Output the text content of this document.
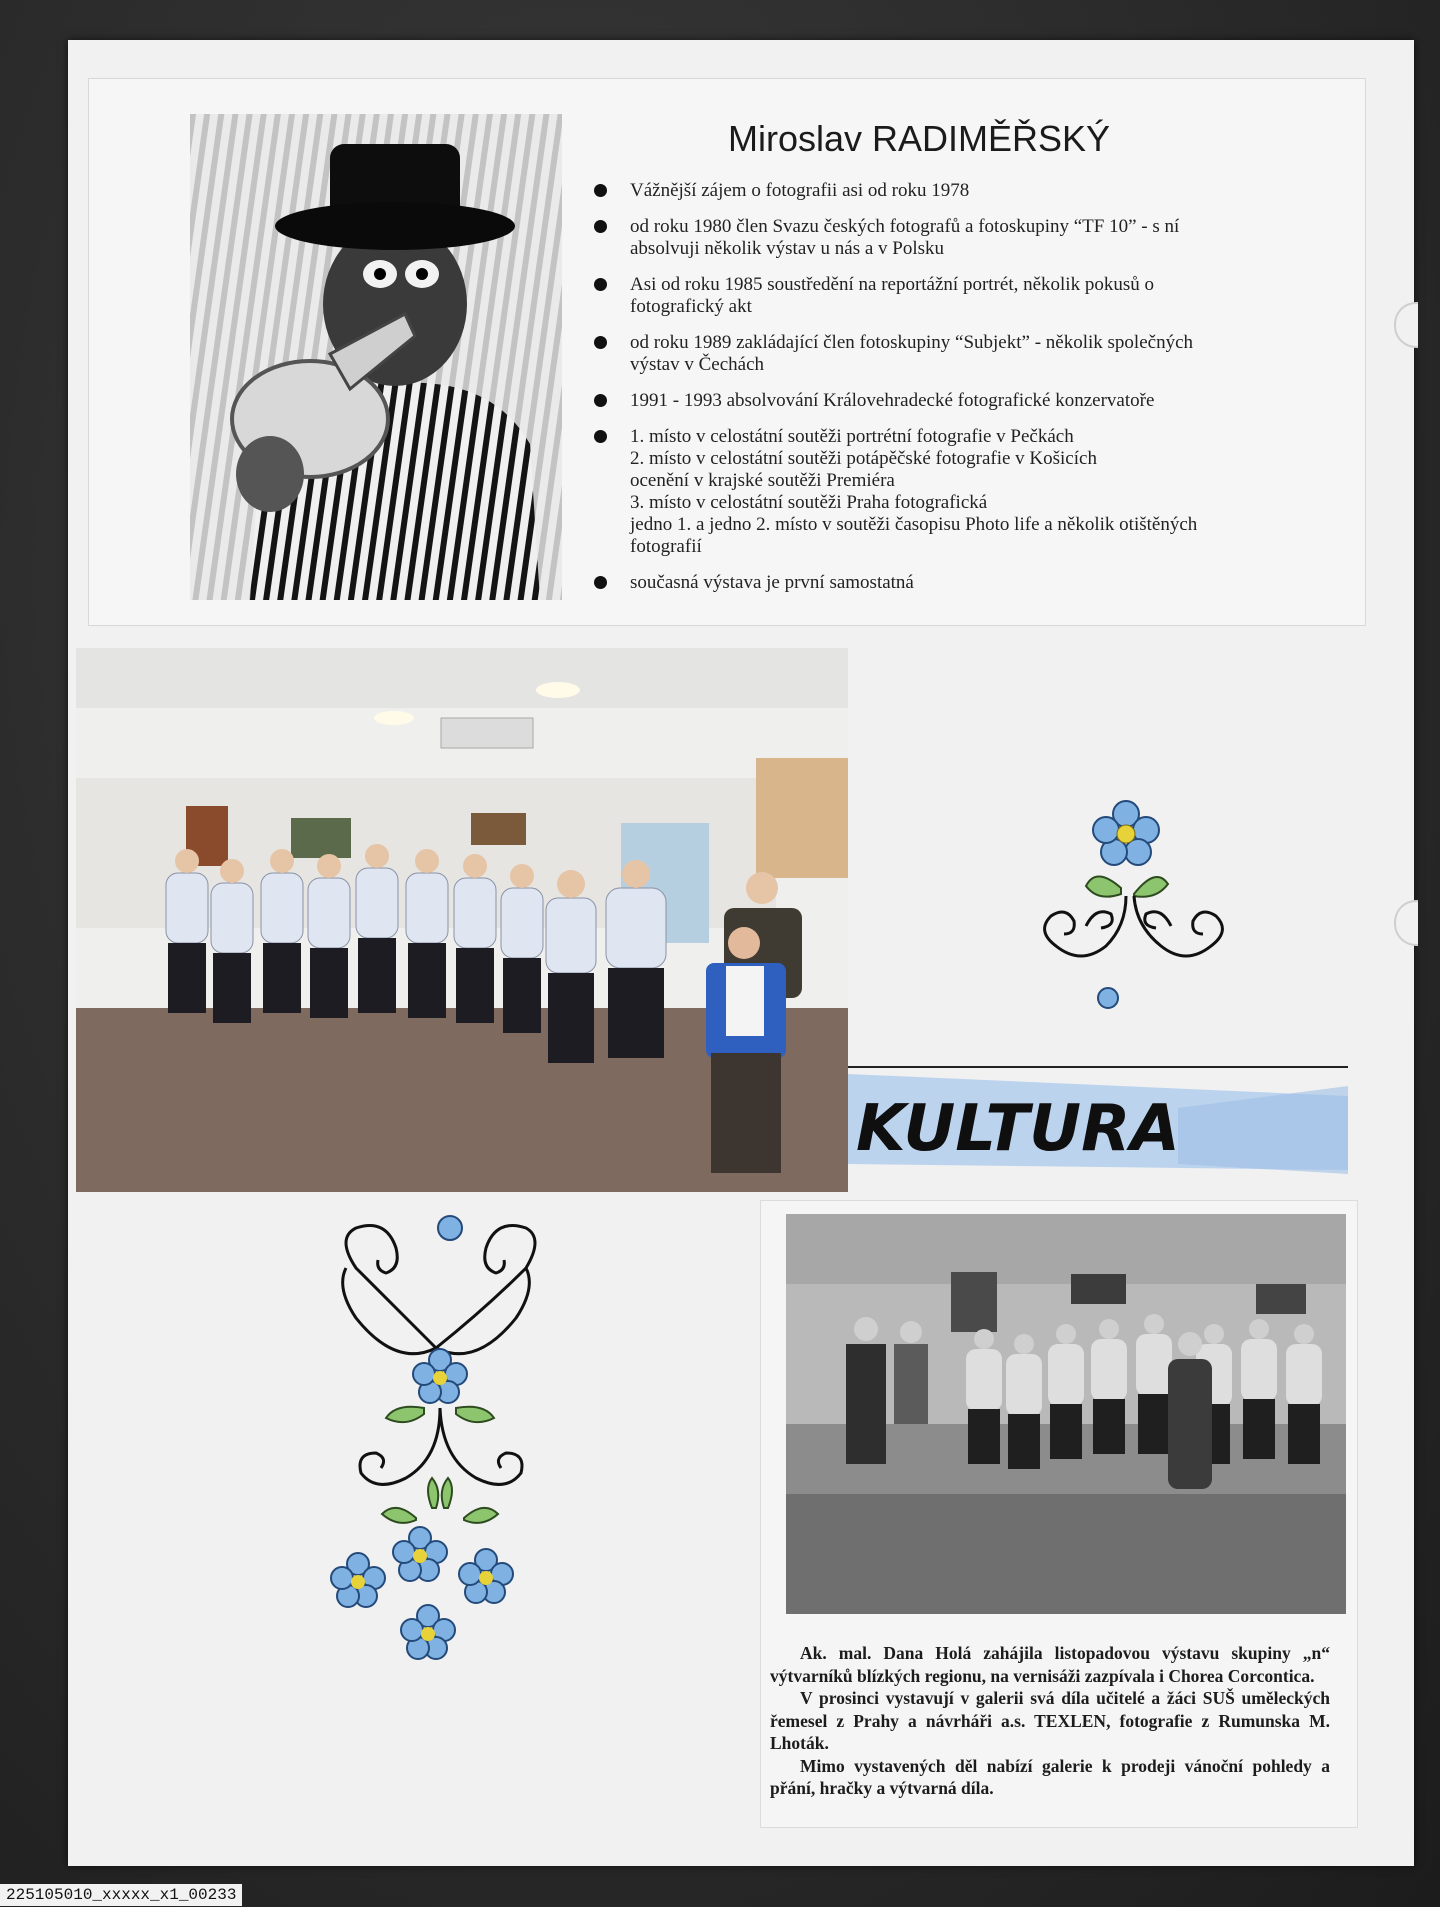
Miroslav RADIMĚŘSKÝ
Vážnější zájem o fotografii asi od roku 1978
od roku 1980 člen Svazu českých fotografů a fotoskupiny “TF 10” - s ní
absolvuji několik výstav u nás a v Polsku
Asi od roku 1985 soustředění na reportážní portrét, několik pokusů o
fotografický akt
od roku 1989 zakládající člen fotoskupiny “Subjekt” - několik společných
výstav v Čechách
1991 - 1993 absolvování Královehradecké fotografické konzervatoře
1. místo v celostátní soutěži portrétní fotografie v Pečkách
2. místo v celostátní soutěži potápěčské fotografie v Košicích
ocenění v krajské soutěži Premiéra
3. místo v celostátní soutěži Praha fotografická
jedno 1. a jedno 2. místo v soutěži časopisu Photo life a několik otištěných
fotografií
současná výstava je první samostatná
KULTURA

Ak. mal. Dana Holá zahájila listopadovou výstavu skupiny „n“ výtvarníků blízkých regionu, na vernisáži zazpívala i Chorea Corcontica.

V prosinci vystavují v galerii svá díla učitelé a žáci SUŠ uměleckých řemesel z Prahy a návrháři a.s. TEXLEN, fotografie z Rumunska M. Lhoták.

Mimo vystavených děl nabízí galerie k prodeji vánoční pohledy a přání, hračky a výtvarná díla.

225105010_xxxxx_x1_00233
